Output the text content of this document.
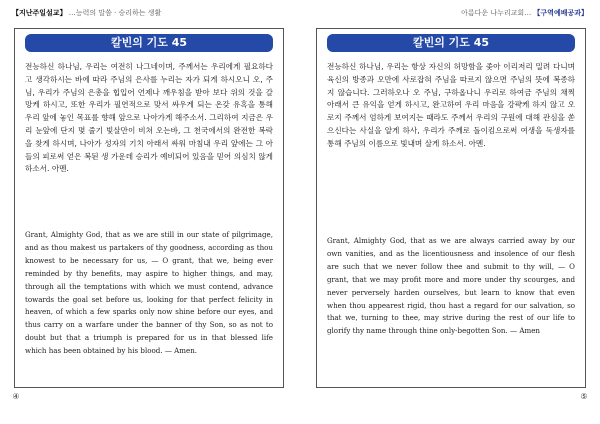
【지난주일설교】 …능력의 말씀 · 승리하는 생활
칼빈의 기도 45
전능하신 하나님, 우리는 여전히 나그네이며, 주께서는 우리에게 필요하다고 생각하시는 바에 따라 주님의 은사를 누리는 자가 되게 하시오니 오, 주님, 우리가 주님의 은총을 힙입어 언제나 깨우침을 받아 보다 위의 것을 갈망케 하시고, 또한 우리가 필연적으로 맞서 싸우게 되는 온갖 유혹을 통해 우리 앞에 놓인 목표를 향해 앞으로 나아가게 해주소서. 그리하여 지금은 우리 눈앞에 단지 몇 줄기 빛살만이 비쳐 오는바, 그 천국에서의 완전한 복락을 찾게 하시며, 나아가 성자의 기치 아래서 싸워 마침내 우리 앞에는 그 아들의 피로써 얻은 복된 생 가운데 승리가 예비되어 있음을 믿어 의심치 않게 하소서. 아멘.
Grant, Almighty God, that as we are still in our state of pilgrimage, and as thou makest us partakers of thy goodness, according as thou knowest to be necessary for us, — O grant, that we, being ever reminded by thy benefits, may aspire to higher things, and may, through all the temptations with which we must contend, advance towards the goal set before us, looking for that perfect felicity in heaven, of which a few sparks only now shine before our eyes, and thus carry on a warfare under the banner of thy Son, so as not to doubt but that a triumph is prepared for us in that blessed life which has been obtained by his blood. — Amen.
④
아름다운 나누리교회… 【구역예배공과】
칼빈의 기도 45
전능하신 하나님, 우리는 항상 자신의 허망함을 좇아 이리저리 밀려 다니며 육신의 방종과 오만에 사로잡혀 주님을 따르지 않으면 주님의 뜻에 복종하지 않습니다. 그러하오나 오 주님, 구하옵나니 우리로 하여금 주님의 채찍 아래서 큰 유익을 얻게 하시고, 완고하여 우리 마음을 강퍅케 하지 않고 오로지 주께서 엄하게 보여지는 때라도 주께서 우리의 구원에 대해 관심을 쏟으신다는 사실을 알게 하사, 우리가 주께로 돌이킴으로써 여생을 독생자를 통해 주님의 이름으로 빛내며 살게 하소서. 아멘.
Grant, Almighty God, that as we are always carried away by our own vanities, and as the licentiousness and insolence of our flesh are such that we never follow thee and submit to thy will, — O grant, that we may profit more and more under thy scourges, and never perversely harden ourselves, but learn to know that even when thou appearest rigid, thou hast a regard for our salvation, so that we, turning to thee, may strive during the rest of our life to glorify thy name through thine only-begotten Son. — Amen
⑤
